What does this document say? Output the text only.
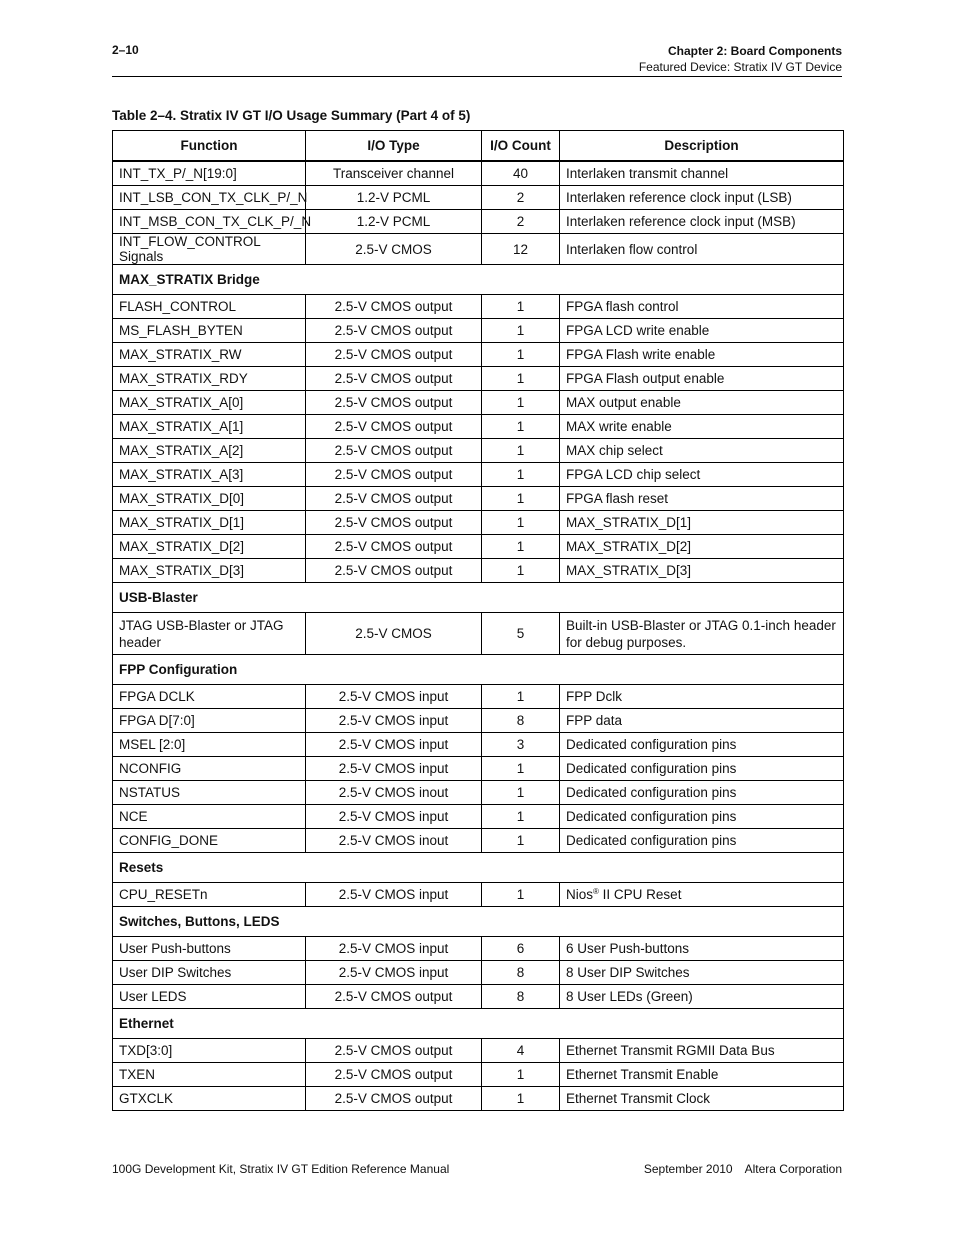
2–10	Chapter 2: Board Components
Featured Device: Stratix IV GT Device
Table 2–4. Stratix IV GT I/O Usage Summary (Part 4 of 5)
Function	I/O Type	I/O Count	Description
INT_TX_P/_N[19:0]	Transceiver channel	40	Interlaken transmit channel
INT_LSB_CON_TX_CLK_P/_N	1.2-V PCML	2	Interlaken reference clock input (LSB)
INT_MSB_CON_TX_CLK_P/_N	1.2-V PCML	2	Interlaken reference clock input (MSB)
INT_FLOW_CONTROL Signals	2.5-V CMOS	12	Interlaken flow control
MAX_STRATIX Bridge			
FLASH_CONTROL	2.5-V CMOS output	1	FPGA flash control
MS_FLASH_BYTEN	2.5-V CMOS output	1	FPGA LCD write enable
MAX_STRATIX_RW	2.5-V CMOS output	1	FPGA Flash write enable
MAX_STRATIX_RDY	2.5-V CMOS output	1	FPGA Flash output enable
MAX_STRATIX_A[0]	2.5-V CMOS output	1	MAX output enable
MAX_STRATIX_A[1]	2.5-V CMOS output	1	MAX write enable
MAX_STRATIX_A[2]	2.5-V CMOS output	1	MAX chip select
MAX_STRATIX_A[3]	2.5-V CMOS output	1	FPGA LCD chip select
MAX_STRATIX_D[0]	2.5-V CMOS output	1	FPGA flash reset
MAX_STRATIX_D[1]	2.5-V CMOS output	1	MAX_STRATIX_D[1]
MAX_STRATIX_D[2]	2.5-V CMOS output	1	MAX_STRATIX_D[2]
MAX_STRATIX_D[3]	2.5-V CMOS output	1	MAX_STRATIX_D[3]
USB-Blaster			
JTAG USB-Blaster or JTAG header	2.5-V CMOS	5	Built-in USB-Blaster or JTAG 0.1-inch header for debug purposes.
FPP Configuration			
FPGA DCLK	2.5-V CMOS input	1	FPP Dclk
FPGA D[7:0]	2.5-V CMOS input	8	FPP data
MSEL [2:0]	2.5-V CMOS input	3	Dedicated configuration pins
NCONFIG	2.5-V CMOS input	1	Dedicated configuration pins
NSTATUS	2.5-V CMOS inout	1	Dedicated configuration pins
NCE	2.5-V CMOS input	1	Dedicated configuration pins
CONFIG_DONE	2.5-V CMOS inout	1	Dedicated configuration pins
Resets			
CPU_RESETn	2.5-V CMOS input	1	Nios® II CPU Reset
Switches, Buttons, LEDS			
User Push-buttons	2.5-V CMOS input	6	6 User Push-buttons
User DIP Switches	2.5-V CMOS input	8	8 User DIP Switches
User LEDS	2.5-V CMOS output	8	8 User LEDs (Green)
Ethernet			
TXD[3:0]	2.5-V CMOS output	4	Ethernet Transmit RGMII Data Bus
TXEN	2.5-V CMOS output	1	Ethernet Transmit Enable
GTXCLK	2.5-V CMOS output	1	Ethernet Transmit Clock
100G Development Kit, Stratix IV GT Edition Reference Manual	September 2010 Altera Corporation
